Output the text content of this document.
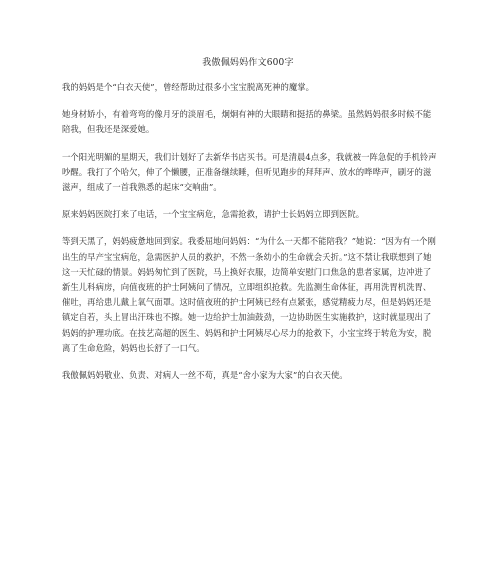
我傲佩妈妈作文600字

我的妈妈是个“白衣天使”，曾经帮助过很多小宝宝脱离死神的魔掌。

她身材娇小，有着弯弯的像月牙的淡眉毛，炯炯有神的大眼睛和挺括的鼻梁。虽然妈妈很多时候不能陪我，但我还是深爱她。

一个阳光明媚的星期天，我们计划好了去新华书店买书。可是清晨4点多，我就被一阵急促的手机铃声吵醒。我打了个哈欠，伸了个懒腰，正准备继续睡，但听见跑步的拜拜声、放水的哗哗声，刷牙的滋滋声，组成了一首我熟悉的起床“交响曲”。

原来妈妈医院打来了电话，一个宝宝病危，急需抢救，请护士长妈妈立即到医院。

等到天黑了，妈妈疲惫地回到家。我委屈地问妈妈：“为什么一天都不能陪我？”她说：“因为有一个刚出生的早产宝宝病危，急需医护人员的救护，不然一条幼小的生命就会夭折。”这不禁让我联想到了她这一天忙碌的情景。妈妈匆忙到了医院，马上换好衣服，边简单安慰门口焦急的患者家属，边冲进了新生儿科病房，向值夜班的护士阿姨问了情况，立即组织抢救。先监测生命体征，再用洗胃机洗胃、催吐，再给患儿戴上氧气面罩。这时值夜班的护士阿姨已经有点紧张，感觉精疲力尽，但是妈妈还是镇定自若，头上冒出汗珠也不擦。她一边给护士加油鼓劲，一边协助医生实施救护，这时就显现出了妈妈的护理功底。在技艺高超的医生、妈妈和护士阿姨尽心尽力的抢救下，小宝宝终于转危为安，脱离了生命危险，妈妈也长舒了一口气。

我傲佩妈妈敬业、负责、对病人一丝不苟，真是“舍小家为大家”的白衣天使。
